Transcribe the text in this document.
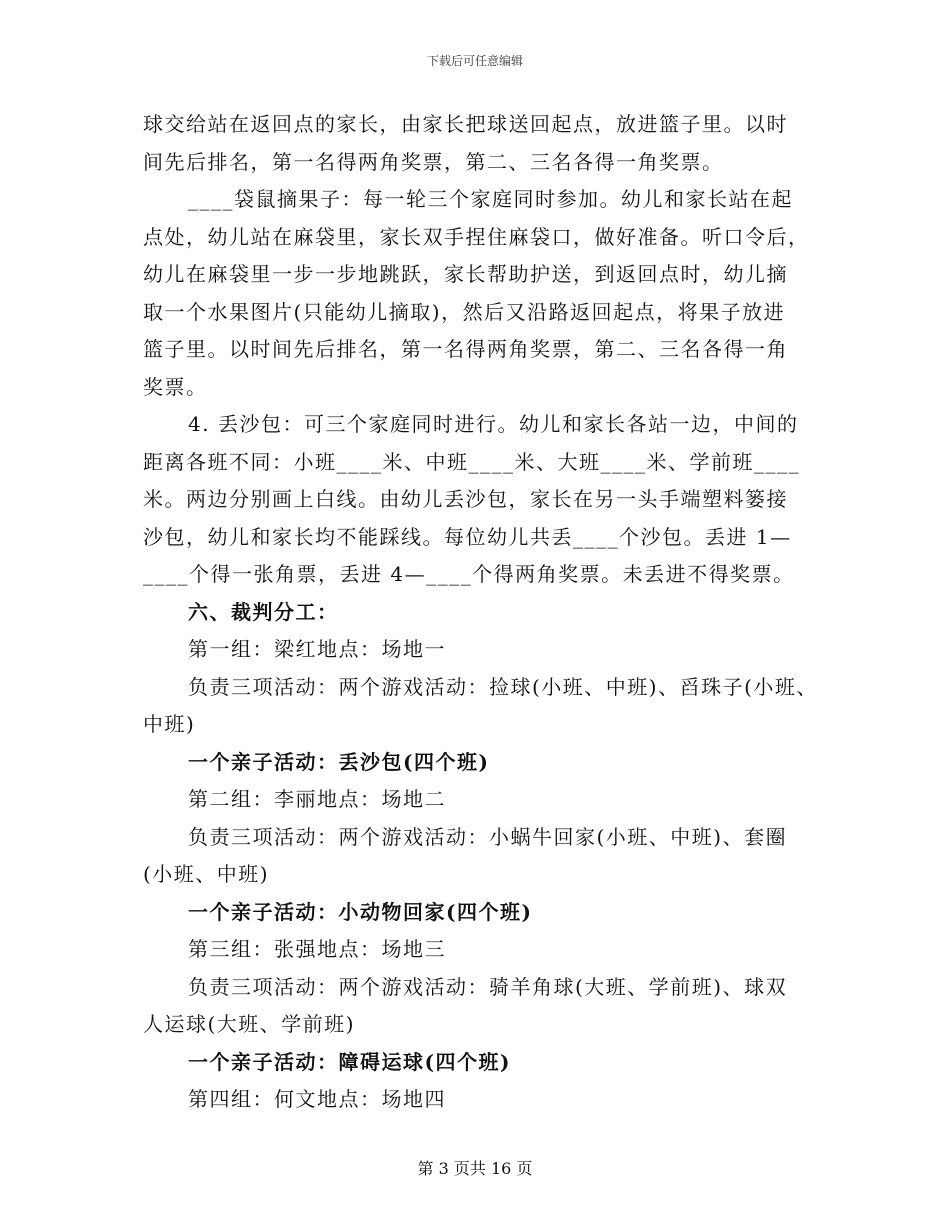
下载后可任意编辑

球交给站在返回点的家长，由家长把球送回起点，放进篮子里。以时

间先后排名，第一名得两角奖票，第二、三名各得一角奖票。

____袋鼠摘果子：每一轮三个家庭同时参加。幼儿和家长站在起

点处，幼儿站在麻袋里，家长双手捏住麻袋口，做好准备。听口令后，

幼儿在麻袋里一步一步地跳跃，家长帮助护送，到返回点时，幼儿摘

取一个水果图片(只能幼儿摘取)，然后又沿路返回起点，将果子放进

篮子里。以时间先后排名，第一名得两角奖票，第二、三名各得一角

奖票。

4. 丢沙包：可三个家庭同时进行。幼儿和家长各站一边，中间的

距离各班不同：小班____米、中班____米、大班____米、学前班____

米。两边分别画上白线。由幼儿丢沙包，家长在另一头手端塑料篓接

沙包，幼儿和家长均不能踩线。每位幼儿共丢____个沙包。丢进 1—

____个得一张角票，丢进 4—____个得两角奖票。未丢进不得奖票。

六、裁判分工：

第一组：梁红地点：场地一

负责三项活动：两个游戏活动：捡球(小班、中班)、舀珠子(小班、

中班)

一个亲子活动：丢沙包(四个班)

第二组：李丽地点：场地二

负责三项活动：两个游戏活动：小蜗牛回家(小班、中班)、套圈

(小班、中班)

一个亲子活动：小动物回家(四个班)

第三组：张强地点：场地三

负责三项活动：两个游戏活动：骑羊角球(大班、学前班)、球双

人运球(大班、学前班)

一个亲子活动：障碍运球(四个班)

第四组：何文地点：场地四

第 3 页共 16 页
